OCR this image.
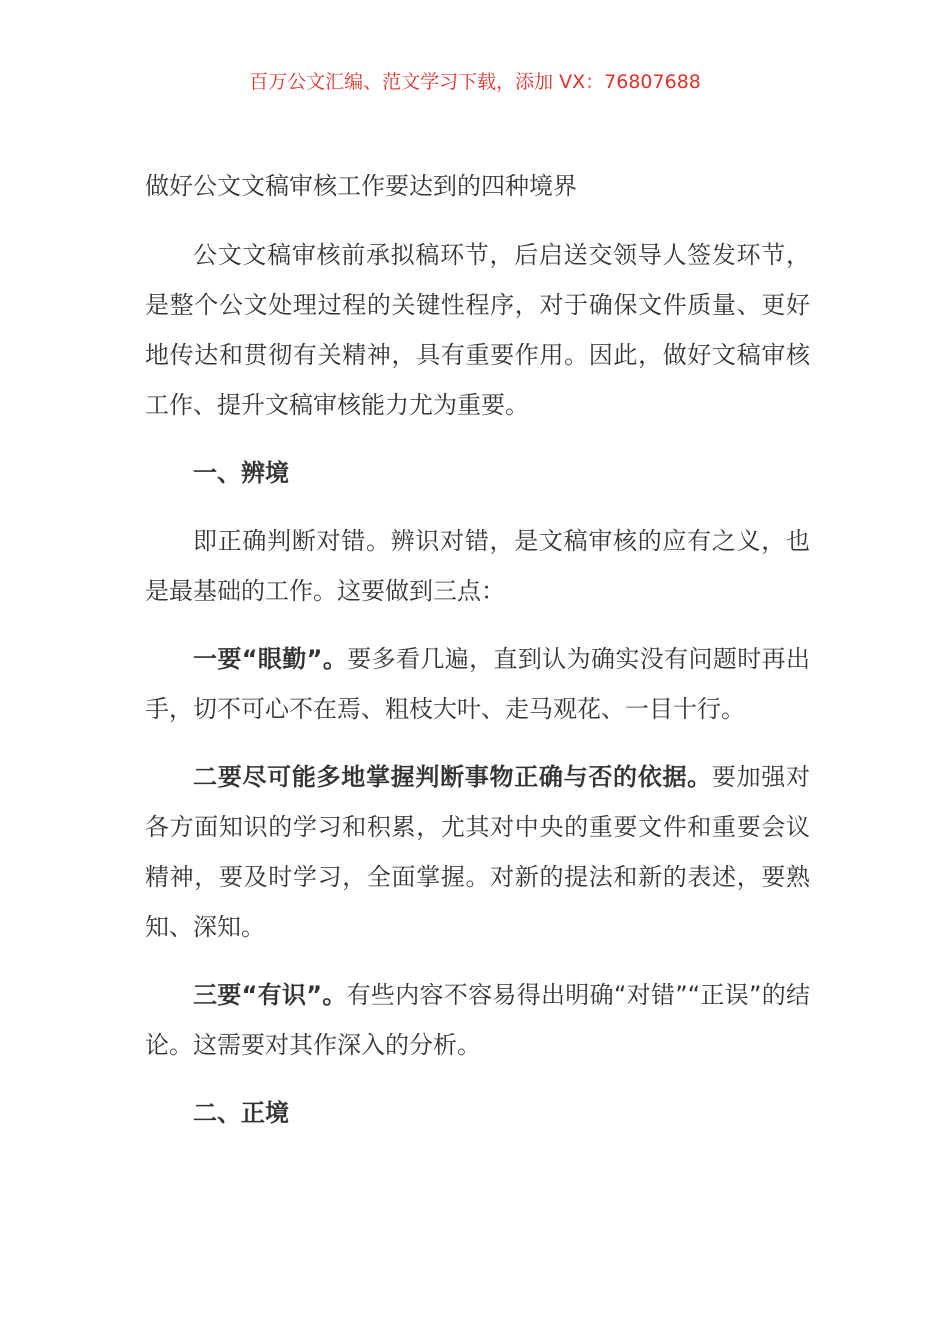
百万公文汇编、范文学习下载，添加 VX：76807688
做好公文文稿审核工作要达到的四种境界

公文文稿审核前承拟稿环节，后启送交领导人签发环节，是整个公文处理过程的关键性程序，对于确保文件质量、更好地传达和贯彻有关精神，具有重要作用。因此，做好文稿审核工作、提升文稿审核能力尤为重要。

一、辨境

即正确判断对错。辨识对错，是文稿审核的应有之义，也是最基础的工作。这要做到三点：

一要“眼勤”。要多看几遍，直到认为确实没有问题时再出手，切不可心不在焉、粗枝大叶、走马观花、一目十行。

二要尽可能多地掌握判断事物正确与否的依据。要加强对各方面知识的学习和积累，尤其对中央的重要文件和重要会议精神，要及时学习，全面掌握。对新的提法和新的表述，要熟知、深知。

三要“有识”。有些内容不容易得出明确“对错”“正误”的结论。这需要对其作深入的分析。

二、正境
